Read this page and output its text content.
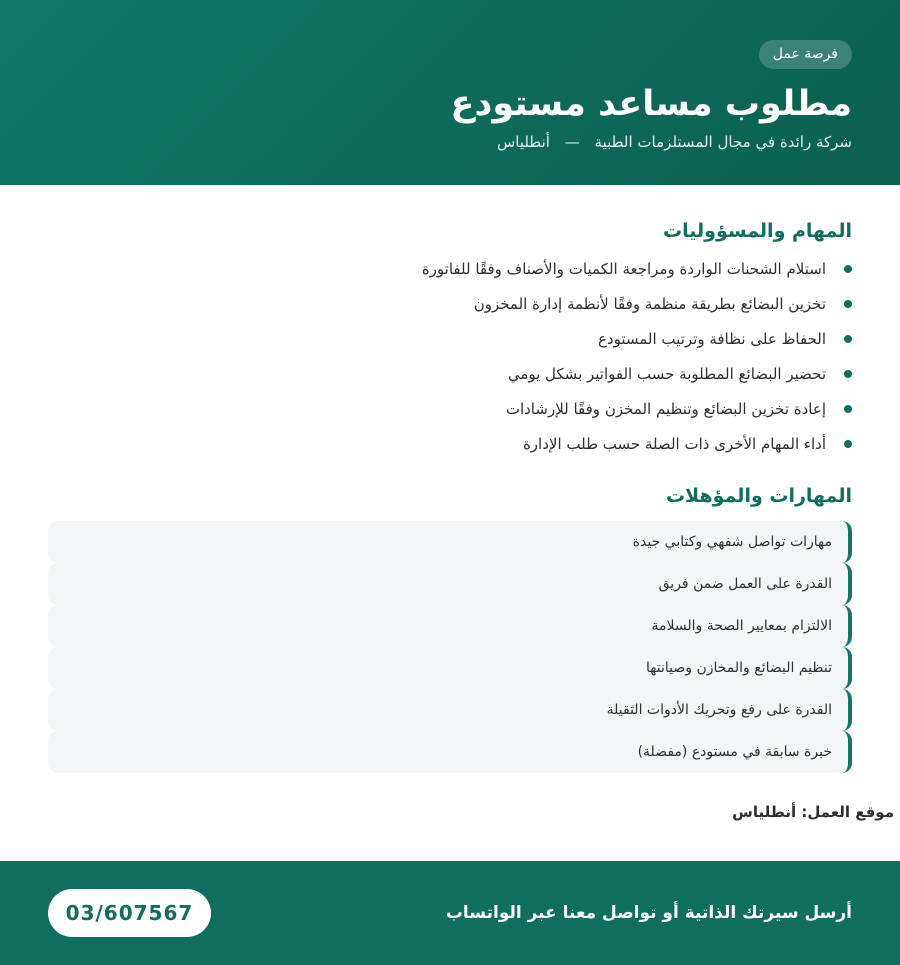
فرصة عمل
مطلوب مساعد مستودع
شركة رائدة في مجال المستلزمات الطبية — أنطلياس
المهام والمسؤوليات
استلام الشحنات الواردة ومراجعة الكميات والأصناف وفقًا للفاتورة
تخزين البضائع بطريقة منظمة وفقًا لأنظمة إدارة المخزون
الحفاظ على نظافة وترتيب المستودع
تحضير البضائع المطلوبة حسب الفواتير بشكل يومي
إعادة تخزين البضائع وتنظيم المخزن وفقًا للإرشادات
أداء المهام الأخرى ذات الصلة حسب طلب الإدارة
المهارات والمؤهلات
مهارات تواصل شفهي وكتابي جيدة
القدرة على العمل ضمن فريق
الالتزام بمعايير الصحة والسلامة
تنظيم البضائع والمخازن وصيانتها
القدرة على رفع وتحريك الأدوات الثقيلة
خبرة سابقة في مستودع (مفضلة)
موقع العمل: أنطلياس
أرسل سيرتك الذاتية أو تواصل معنا عبر الواتساب
03/607567
